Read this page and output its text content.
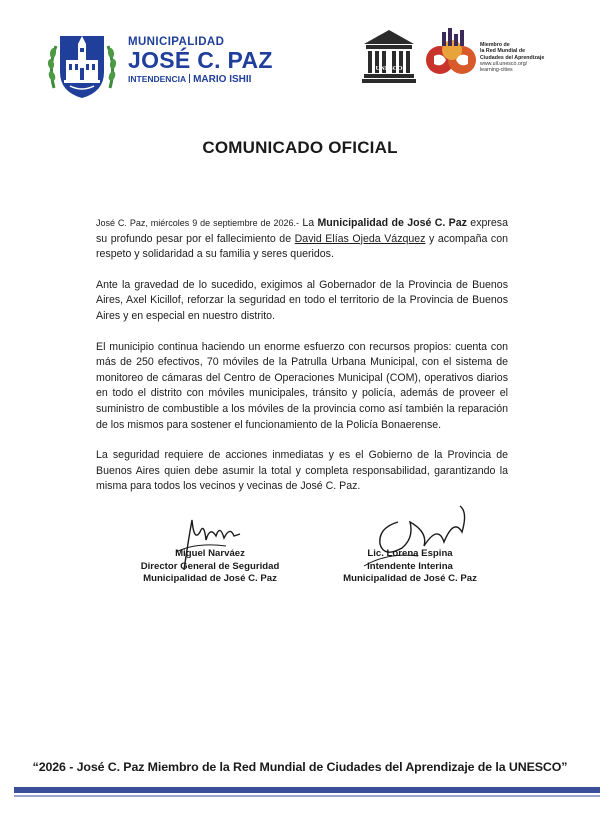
MUNICIPALIDAD
JOSÉ C. PAZ
INTENDENCIA MARIO ISHII
UNESCO
Miembro de
la Red Mundial de
Ciudades del Aprendizaje
www.uil.unesco.org/
learning-cities
COMUNICADO OFICIAL

José C. Paz, miércoles 9 de septiembre de 2026.- La Municipalidad de José C. Paz expresa su profundo pesar por el fallecimiento de David Elías Ojeda Vázquez y acompaña con respeto y solidaridad a su familia y seres queridos.

Ante la gravedad de lo sucedido, exigimos al Gobernador de la Provincia de Buenos Aires, Axel Kicillof, reforzar la seguridad en todo el territorio de la Provincia de Buenos Aires y en especial en nuestro distrito.

El municipio continua haciendo un enorme esfuerzo con recursos propios: cuenta con más de 250 efectivos, 70 móviles de la Patrulla Urbana Municipal, con el sistema de monitoreo de cámaras del Centro de Operaciones Municipal (COM), operativos diarios en todo el distrito con móviles municipales, tránsito y policía, además de proveer el suministro de combustible a los móviles de la provincia como así también la reparación de los mismos para sostener el funcionamiento de la Policía Bonaerense.

La seguridad requiere de acciones inmediatas y es el Gobierno de la Provincia de Buenos Aires quien debe asumir la total y completa responsabilidad, garantizando la misma para todos los vecinos y vecinas de José C. Paz.

Miguel Narváez
Director General de Seguridad
Municipalidad de José C. Paz
Lic. Lorena Espina
Intendente Interina
Municipalidad de José C. Paz
“2026 - José C. Paz Miembro de la Red Mundial de Ciudades del Aprendizaje de la UNESCO”
